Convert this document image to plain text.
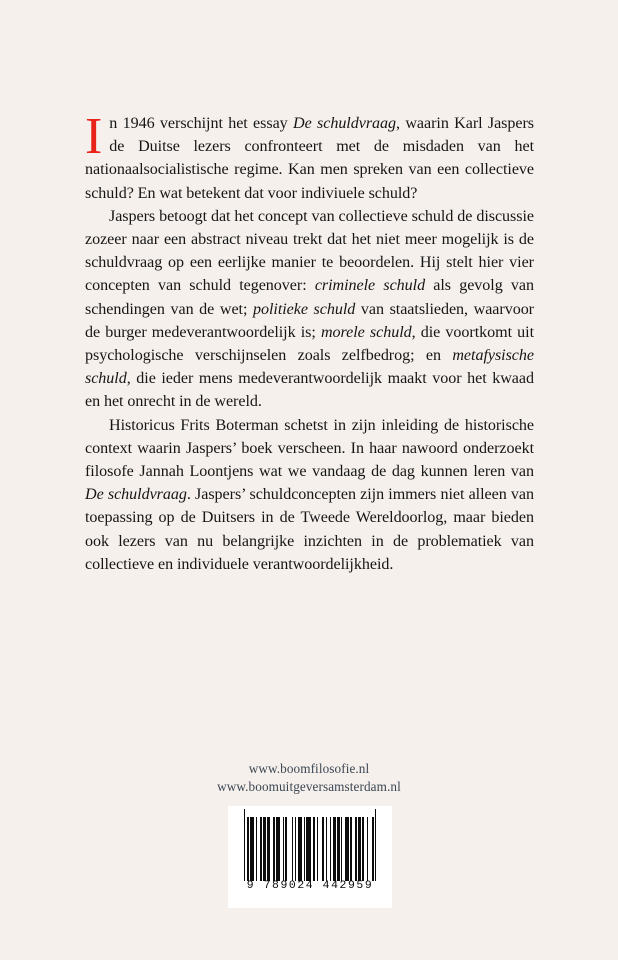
In 1946 verschijnt het essay De schuldvraag, waarin Karl Jaspers de Duitse lezers confronteert met de misdaden van het nationaalsocialistische regime. Kan men spreken van een collectieve schuld? En wat betekent dat voor indiviuele schuld?

Jaspers betoogt dat het concept van collectieve schuld de discussie zozeer naar een abstract niveau trekt dat het niet meer mogelijk is de schuldvraag op een eerlijke manier te beoordelen. Hij stelt hier vier concepten van schuld tegenover: criminele schuld als gevolg van schendingen van de wet; politieke schuld van staatslieden, waarvoor de burger medeverantwoordelijk is; morele schuld, die voortkomt uit psychologische verschijnselen zoals zelfbedrog; en metafysische schuld, die ieder mens medeverantwoordelijk maakt voor het kwaad en het onrecht in de wereld.

Historicus Frits Boterman schetst in zijn inleiding de historische context waarin Jaspers’ boek verscheen. In haar nawoord onderzoekt filosofe Jannah Loontjens wat we vandaag de dag kunnen leren van De schuldvraag. Jaspers’ schuldconcepten zijn immers niet alleen van toepassing op de Duitsers in de Tweede Wereldoorlog, maar bieden ook lezers van nu belangrijke inzichten in de problematiek van collectieve en individuele verantwoordelijkheid.

www.boomfilosofie.nl
www.boomuitgeversamsterdam.nl
9 789024 442959
